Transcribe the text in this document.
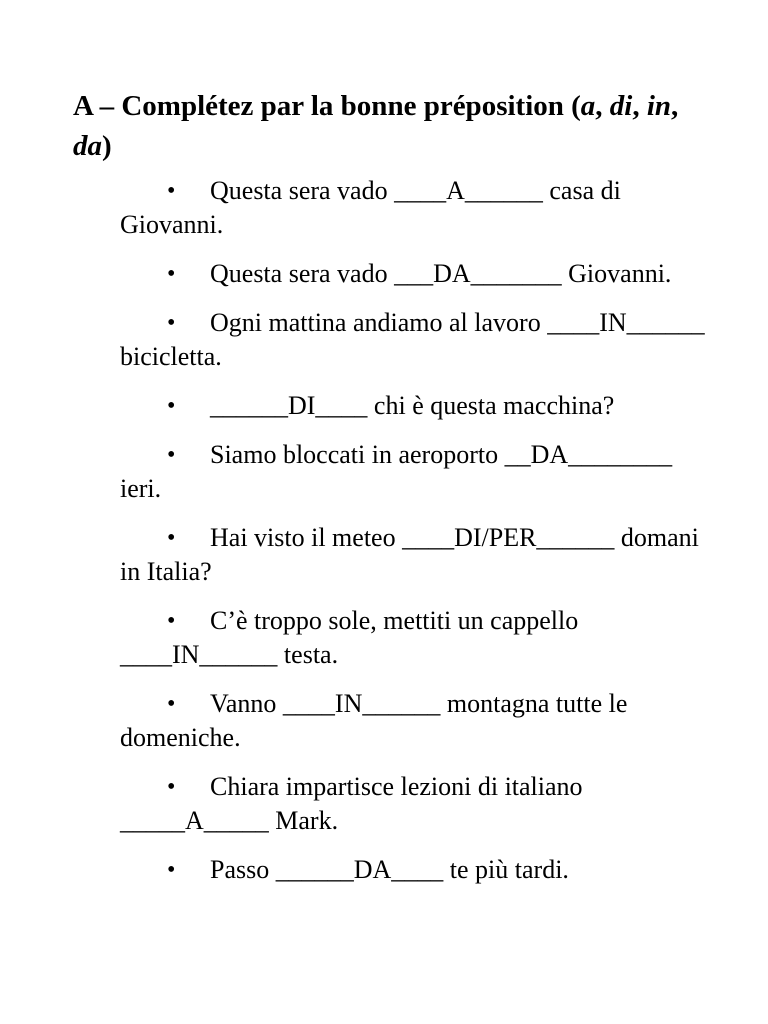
A – Complétez par la bonne préposition (a, di, in, da)
• Questa sera vado ____A______ casa di Giovanni.
• Questa sera vado ___DA_______ Giovanni.
• Ogni mattina andiamo al lavoro ____IN______ bicicletta.
• ______DI____ chi è questa macchina?
• Siamo bloccati in aeroporto __DA________ ieri.
• Hai visto il meteo ____DI/PER______ domani in Italia?
• C’è troppo sole, mettiti un cappello ____IN______ testa.
• Vanno ____IN______ montagna tutte le domeniche.
• Chiara impartisce lezioni di italiano _____A_____ Mark.
• Passo ______DA____ te più tardi.
